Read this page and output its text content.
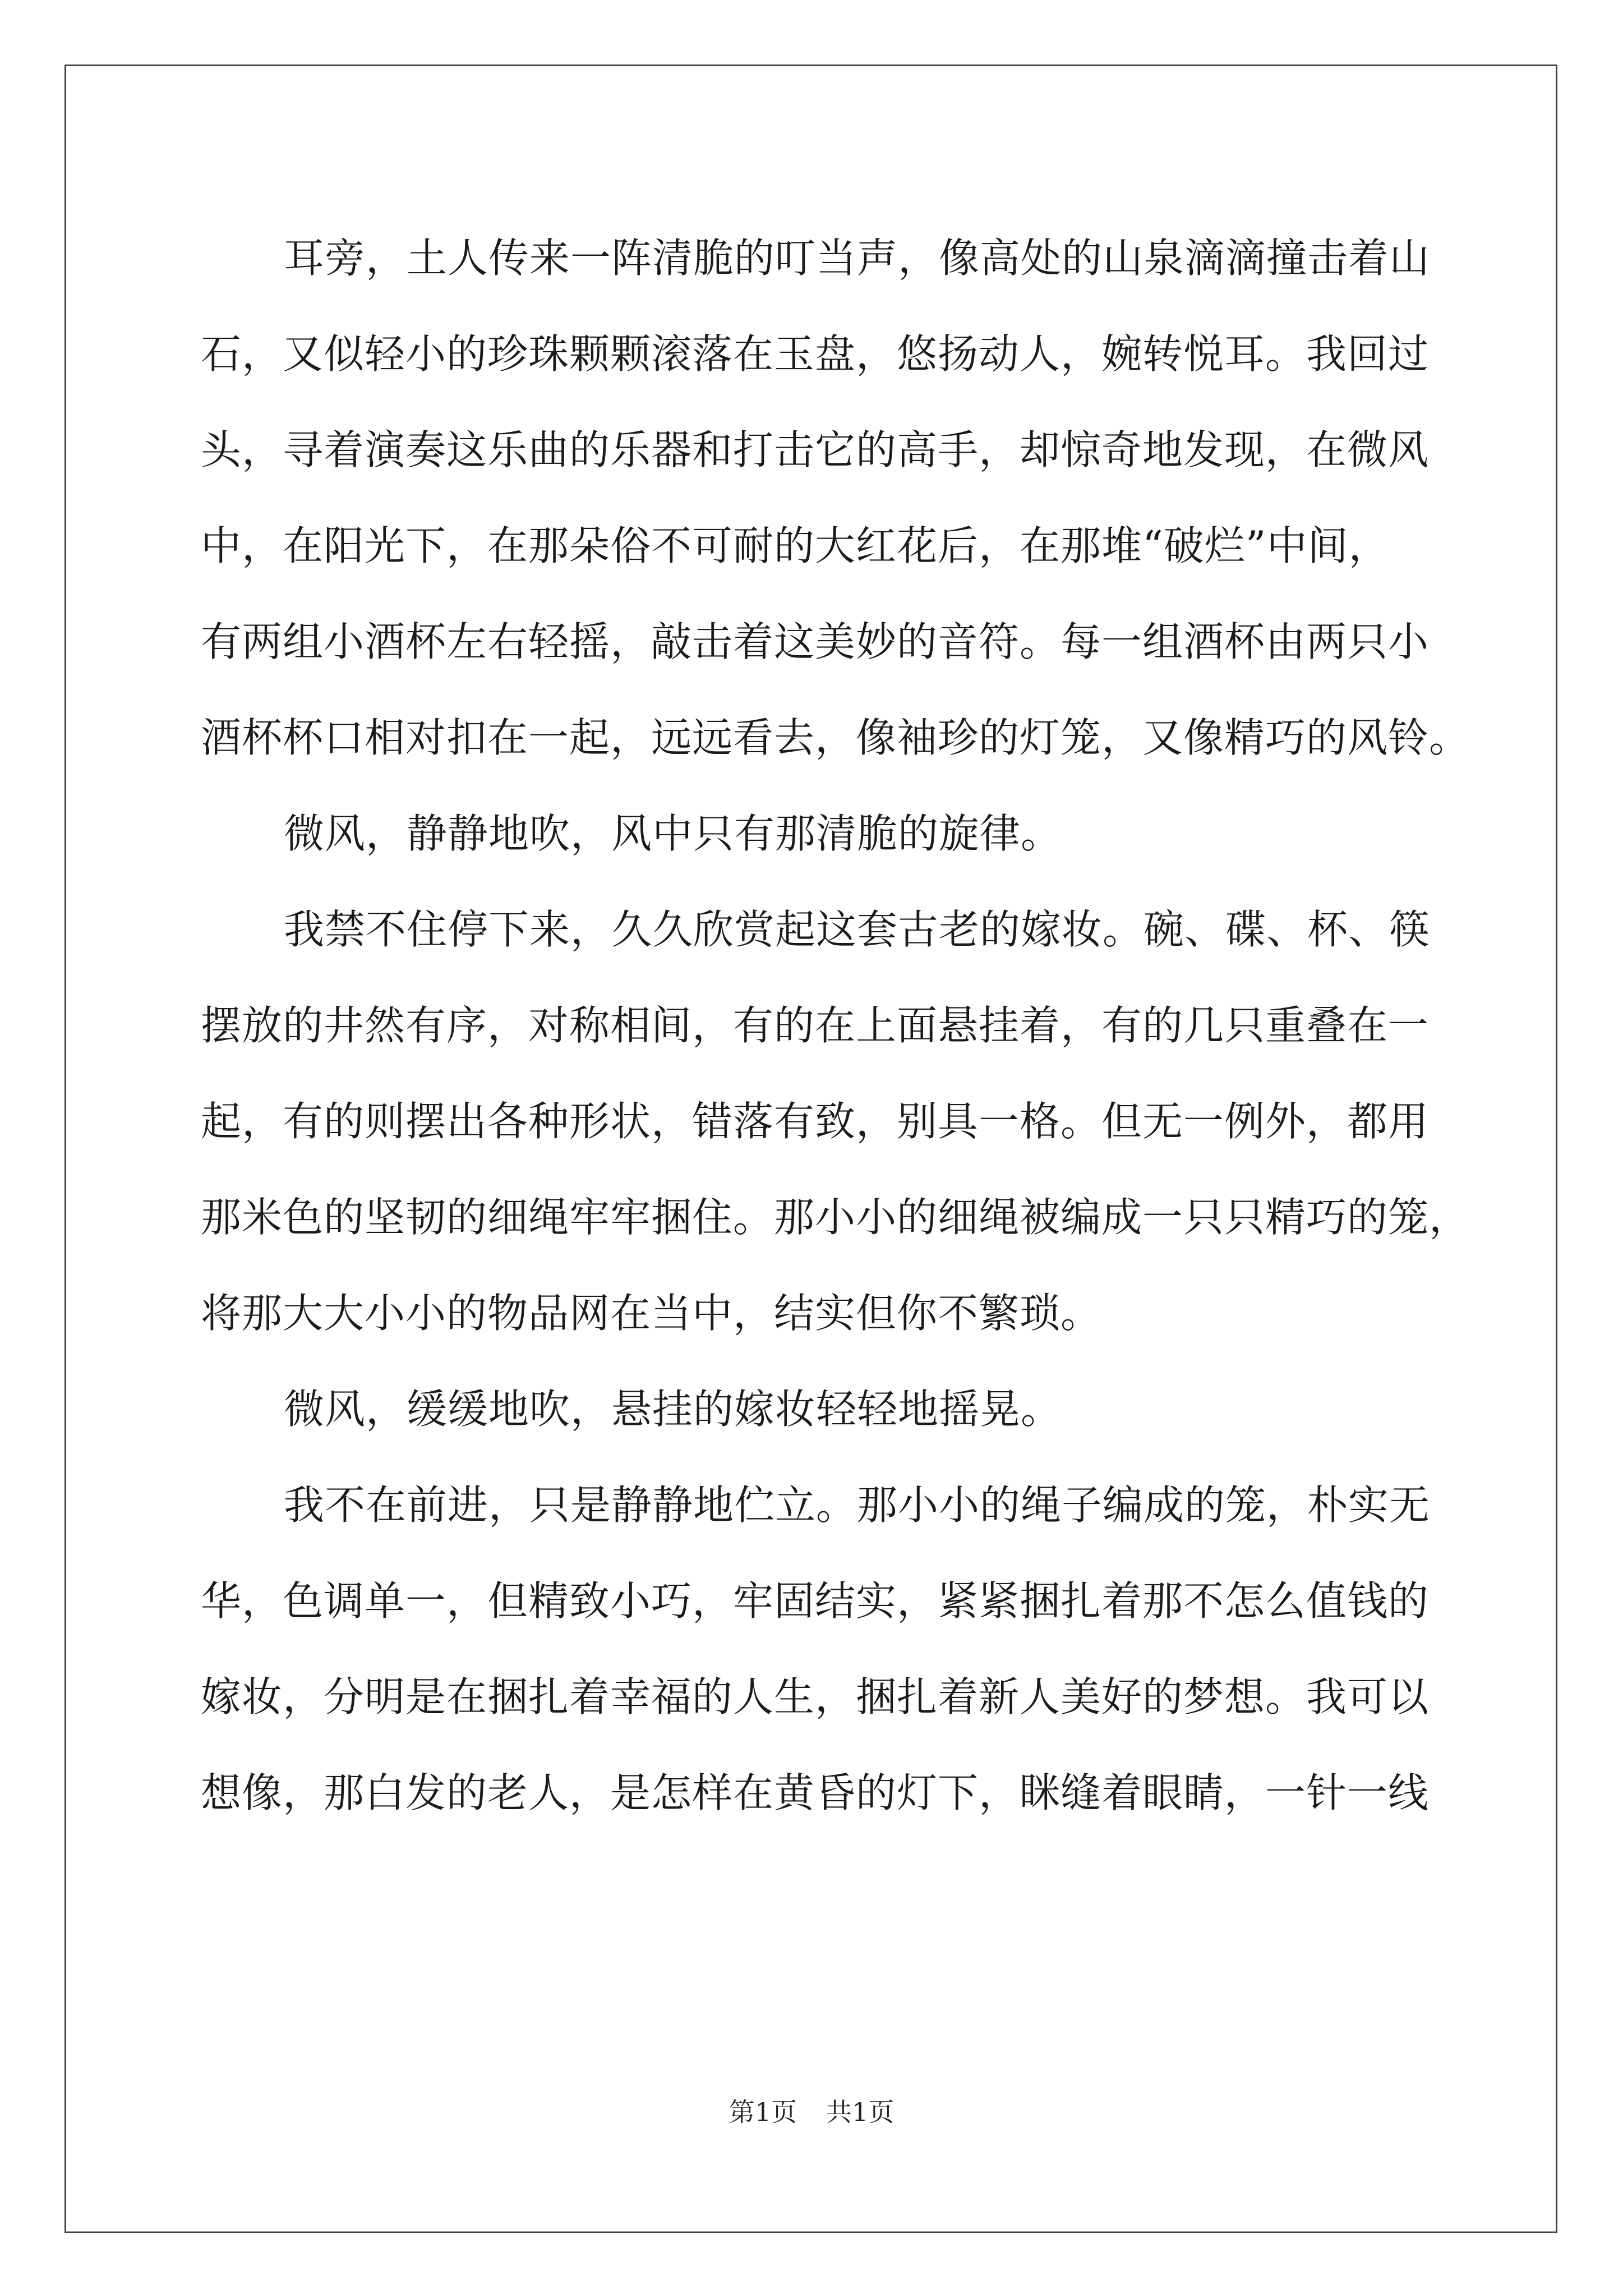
耳旁，土人传来一阵清脆的叮当声，像高处的山泉滴滴撞击着山
石，又似轻小的珍珠颗颗滚落在玉盘，悠扬动人，婉转悦耳。我回过
头，寻着演奏这乐曲的乐器和打击它的高手，却惊奇地发现，在微风
中，在阳光下，在那朵俗不可耐的大红花后，在那堆“破烂”中间，
有两组小酒杯左右轻摇，敲击着这美妙的音符。每一组酒杯由两只小
酒杯杯口相对扣在一起，远远看去，像袖珍的灯笼，又像精巧的风铃。
微风，静静地吹，风中只有那清脆的旋律。
我禁不住停下来，久久欣赏起这套古老的嫁妆。碗、碟、杯、筷
摆放的井然有序，对称相间，有的在上面悬挂着，有的几只重叠在一
起，有的则摆出各种形状，错落有致，别具一格。但无一例外，都用
那米色的坚韧的细绳牢牢捆住。那小小的细绳被编成一只只精巧的笼，
将那大大小小的物品网在当中，结实但你不繁琐。
微风，缓缓地吹，悬挂的嫁妆轻轻地摇晃。
我不在前进，只是静静地伫立。那小小的绳子编成的笼，朴实无
华，色调单一，但精致小巧，牢固结实，紧紧捆扎着那不怎么值钱的
嫁妆，分明是在捆扎着幸福的人生，捆扎着新人美好的梦想。我可以
想像，那白发的老人，是怎样在黄昏的灯下，眯缝着眼睛，一针一线
第1页 共1页
